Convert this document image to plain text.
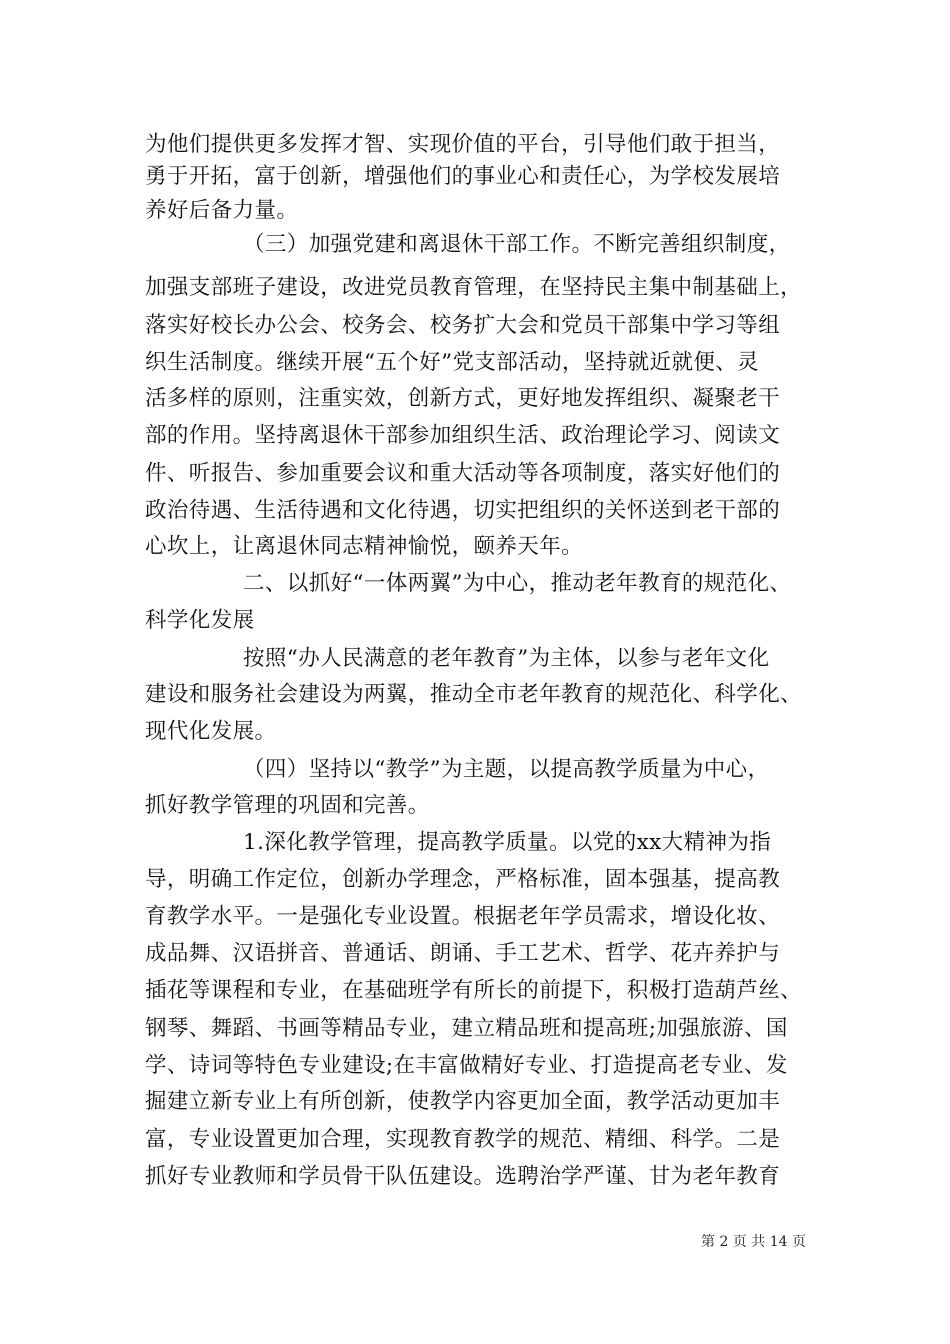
为他们提供更多发挥才智、实现价值的平台，引导他们敢于担当，
勇于开拓，富于创新，增强他们的事业心和责任心，为学校发展培
养好后备力量。
（三）加强党建和离退休干部工作。不断完善组织制度，
加强支部班子建设，改进党员教育管理，在坚持民主集中制基础上，
落实好校长办公会、校务会、校务扩大会和党员干部集中学习等组
织生活制度。继续开展“五个好”党支部活动，坚持就近就便、灵
活多样的原则，注重实效，创新方式，更好地发挥组织、凝聚老干
部的作用。坚持离退休干部参加组织生活、政治理论学习、阅读文
件、听报告、参加重要会议和重大活动等各项制度，落实好他们的
政治待遇、生活待遇和文化待遇，切实把组织的关怀送到老干部的
心坎上，让离退休同志精神愉悦，颐养天年。
二、以抓好“一体两翼”为中心，推动老年教育的规范化、
科学化发展
按照“办人民满意的老年教育”为主体，以参与老年文化
建设和服务社会建设为两翼，推动全市老年教育的规范化、科学化、
现代化发展。
（四）坚持以“教学”为主题，以提高教学质量为中心，
抓好教学管理的巩固和完善。
1.深化教学管理，提高教学质量。以党的xx大精神为指
导，明确工作定位，创新办学理念，严格标准，固本强基，提高教
育教学水平。一是强化专业设置。根据老年学员需求，增设化妆、
成品舞、汉语拼音、普通话、朗诵、手工艺术、哲学、花卉养护与
插花等课程和专业，在基础班学有所长的前提下，积极打造葫芦丝、
钢琴、舞蹈、书画等精品专业，建立精品班和提高班;加强旅游、国
学、诗词等特色专业建设;在丰富做精好专业、打造提高老专业、发
掘建立新专业上有所创新，使教学内容更加全面，教学活动更加丰
富，专业设置更加合理，实现教育教学的规范、精细、科学。二是
抓好专业教师和学员骨干队伍建设。选聘治学严谨、甘为老年教育
第 2 页 共 14 页
